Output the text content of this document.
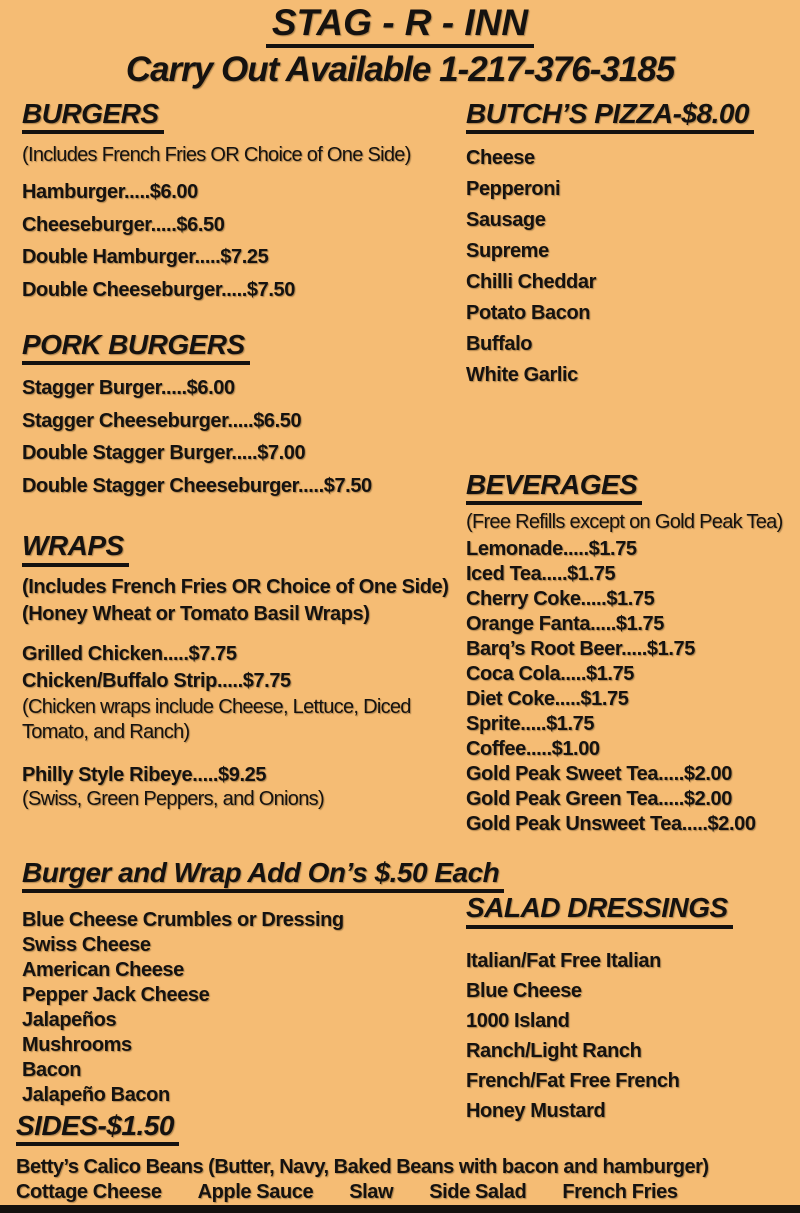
STAG - R - INN
Carry Out Available 1-217-376-3185
BURGERS
(Includes French Fries OR Choice of One Side)
Hamburger.....$6.00
Cheeseburger.....$6.50
Double Hamburger.....$7.25
Double Cheeseburger.....$7.50
PORK BURGERS
Stagger Burger.....$6.00
Stagger Cheeseburger.....$6.50
Double Stagger Burger.....$7.00
Double Stagger Cheeseburger.....$7.50
WRAPS
(Includes French Fries OR Choice of One Side)
(Honey Wheat or Tomato Basil Wraps)
Grilled Chicken.....$7.75
Chicken/Buffalo Strip.....$7.75
(Chicken wraps include Cheese, Lettuce, Diced Tomato, and Ranch)
Philly Style Ribeye.....$9.25
(Swiss, Green Peppers, and Onions)
Burger and Wrap Add On’s $.50 Each
Blue Cheese Crumbles or Dressing
Swiss Cheese
American Cheese
Pepper Jack Cheese
Jalapeños
Mushrooms
Bacon
Jalapeño Bacon
BUTCH’S PIZZA-$8.00
Cheese
Pepperoni
Sausage
Supreme
Chilli Cheddar
Potato Bacon
Buffalo
White Garlic
BEVERAGES
(Free Refills except on Gold Peak Tea)
Lemonade.....$1.75
Iced Tea.....$1.75
Cherry Coke.....$1.75
Orange Fanta.....$1.75
Barq’s Root Beer.....$1.75
Coca Cola.....$1.75
Diet Coke.....$1.75
Sprite.....$1.75
Coffee.....$1.00
Gold Peak Sweet Tea.....$2.00
Gold Peak Green Tea.....$2.00
Gold Peak Unsweet Tea.....$2.00
SALAD DRESSINGS
Italian/Fat Free Italian
Blue Cheese
1000 Island
Ranch/Light Ranch
French/Fat Free French
Honey Mustard
SIDES-$1.50
Betty’s Calico Beans (Butter, Navy, Baked Beans with bacon and hamburger)
Cottage Cheese Apple Sauce Slaw Side Salad French Fries
